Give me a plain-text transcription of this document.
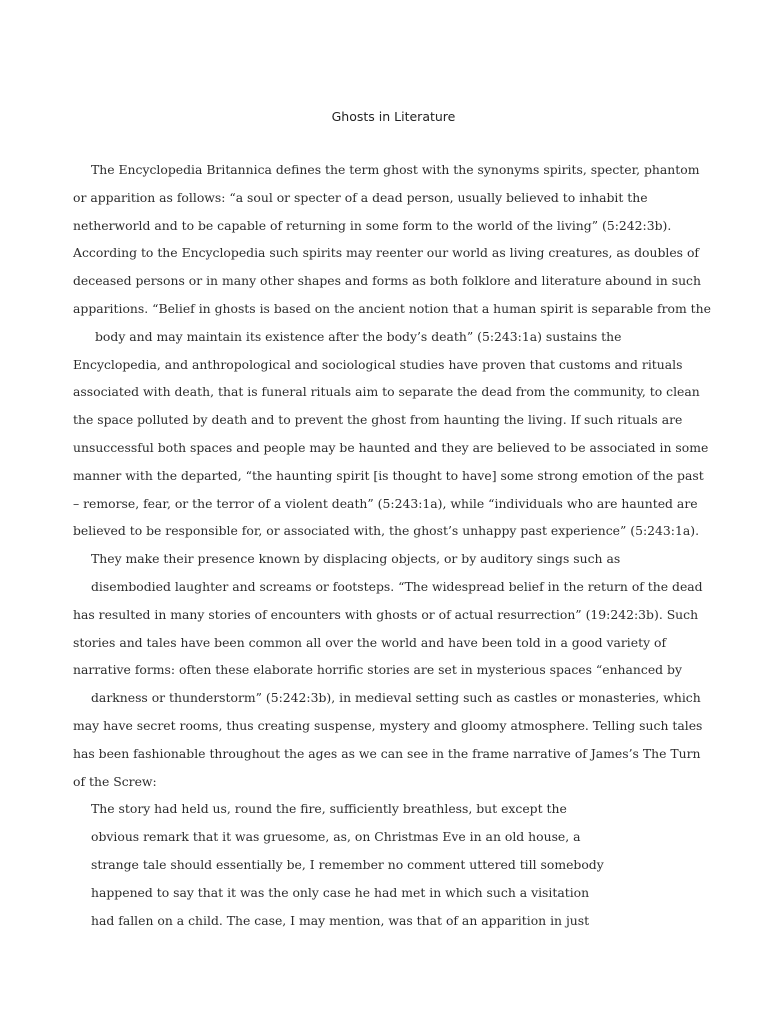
Ghosts in Literature
The Encyclopedia Britannica defines the term ghost with the synonyms spirits, specter, phantom
or apparition as follows: “a soul or specter of a dead person, usually believed to inhabit the
netherworld and to be capable of returning in some form to the world of the living” (5:242:3b).
According to the Encyclopedia such spirits may reenter our world as living creatures, as doubles of
deceased persons or in many other shapes and forms as both folklore and literature abound in such
apparitions. “Belief in ghosts is based on the ancient notion that a human spirit is separable from the
body and may maintain its existence after the body’s death” (5:243:1a) sustains the
Encyclopedia, and anthropological and sociological studies have proven that customs and rituals
associated with death, that is funeral rituals aim to separate the dead from the community, to clean
the space polluted by death and to prevent the ghost from haunting the living. If such rituals are
unsuccessful both spaces and people may be haunted and they are believed to be associated in some
manner with the departed, “the haunting spirit [is thought to have] some strong emotion of the past
– remorse, fear, or the terror of a violent death” (5:243:1a), while “individuals who are haunted are
believed to be responsible for, or associated with, the ghost’s unhappy past experience” (5:243:1a).
They make their presence known by displacing objects, or by auditory sings such as
disembodied laughter and screams or footsteps. “The widespread belief in the return of the dead
has resulted in many stories of encounters with ghosts or of actual resurrection” (19:242:3b). Such
stories and tales have been common all over the world and have been told in a good variety of
narrative forms: often these elaborate horrific stories are set in mysterious spaces “enhanced by
darkness or thunderstorm” (5:242:3b), in medieval setting such as castles or monasteries, which
may have secret rooms, thus creating suspense, mystery and gloomy atmosphere. Telling such tales
has been fashionable throughout the ages as we can see in the frame narrative of James’s The Turn
of the Screw:
The story had held us, round the fire, sufficiently breathless, but except the
obvious remark that it was gruesome, as, on Christmas Eve in an old house, a
strange tale should essentially be, I remember no comment uttered till somebody
happened to say that it was the only case he had met in which such a visitation
had fallen on a child. The case, I may mention, was that of an apparition in just
